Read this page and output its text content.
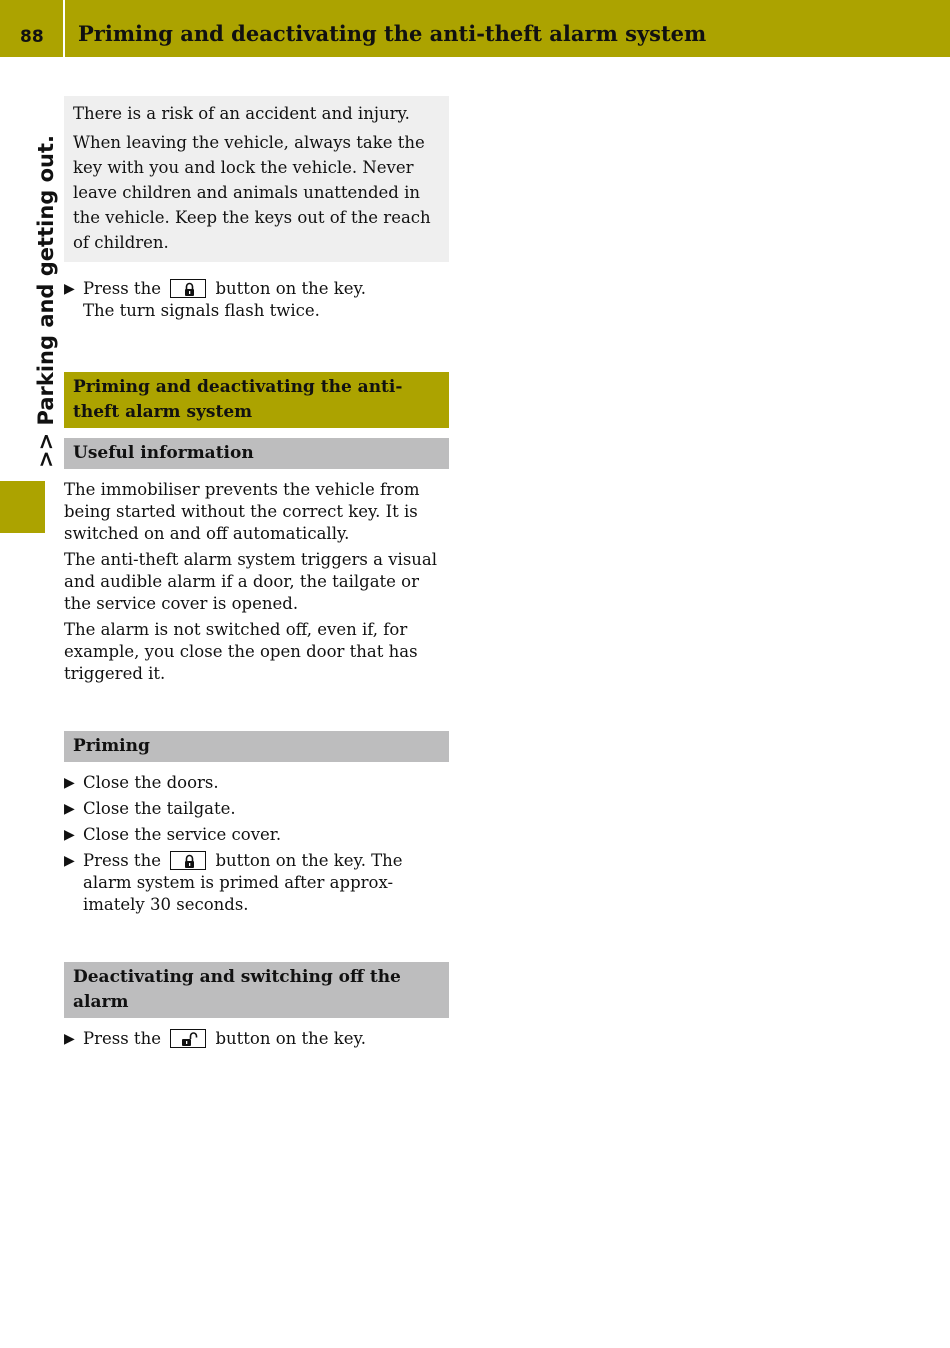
88 Priming and deactivating the anti-theft alarm system
>> Parking and getting out.

There is a risk of an accident and injury.

When leaving the vehicle, always take the key with you and lock the vehicle. Never leave children and animals unattended in the vehicle. Keep the keys out of the reach of children.

▶ Press the	button on the key.
The turn signals flash twice.
Priming and deactivating the anti-theft alarm system
Useful information

The immobiliser prevents the vehicle from being started without the correct key. It is switched on and off automatically.

The anti-theft alarm system triggers a visual and audible alarm if a door, the tailgate or the service cover is opened.

The alarm is not switched off, even if, for example, you close the open door that has triggered it.

Priming
▶ Close the doors.
▶ Close the tailgate.
▶ Close the service cover.
▶ Press the	button on the key. The alarm system is primed after approx- imately 30 seconds.
Deactivating and switching off the alarm
▶ Press the	button on the key.
